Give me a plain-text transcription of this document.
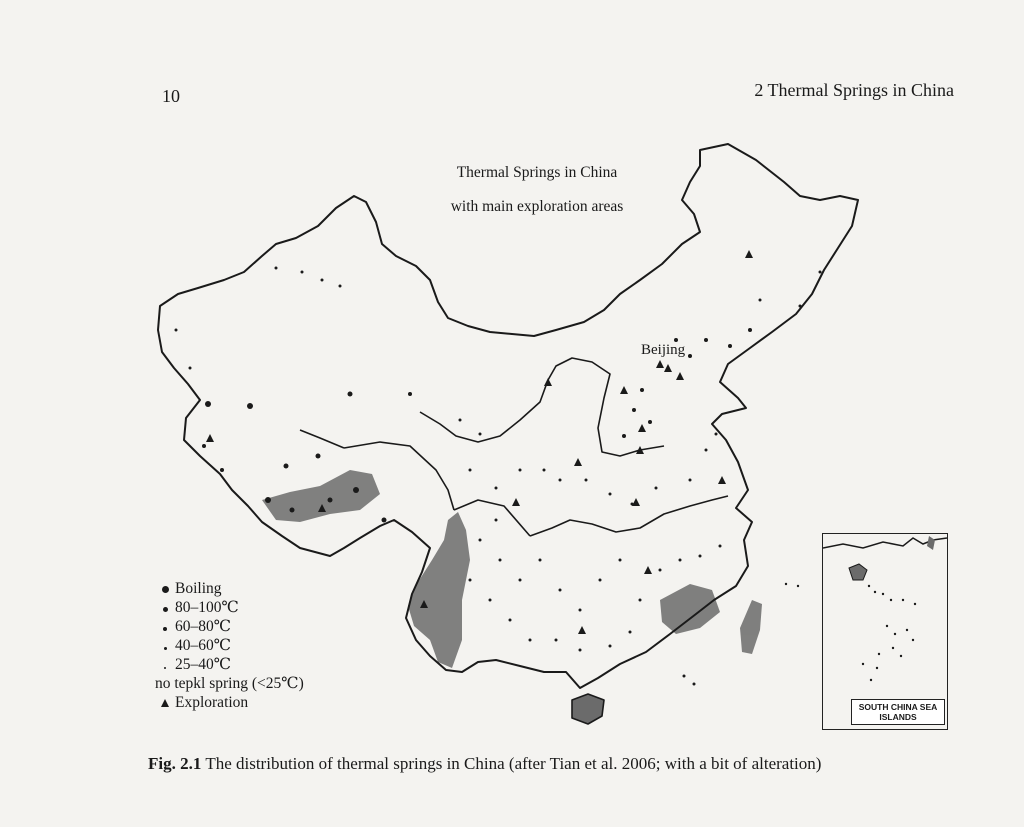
10	2 Thermal Springs in China
Thermal Springs in China
with main exploration areas
Beijing
Boiling
80–100℃
60–80℃
40–60℃
25–40℃
no tepkl spring (<25℃)
Exploration	SOUTH CHINA SEA
ISLANDS
Fig. 2.1 The distribution of thermal springs in China (after Tian et al. 2006; with a bit of alteration)
